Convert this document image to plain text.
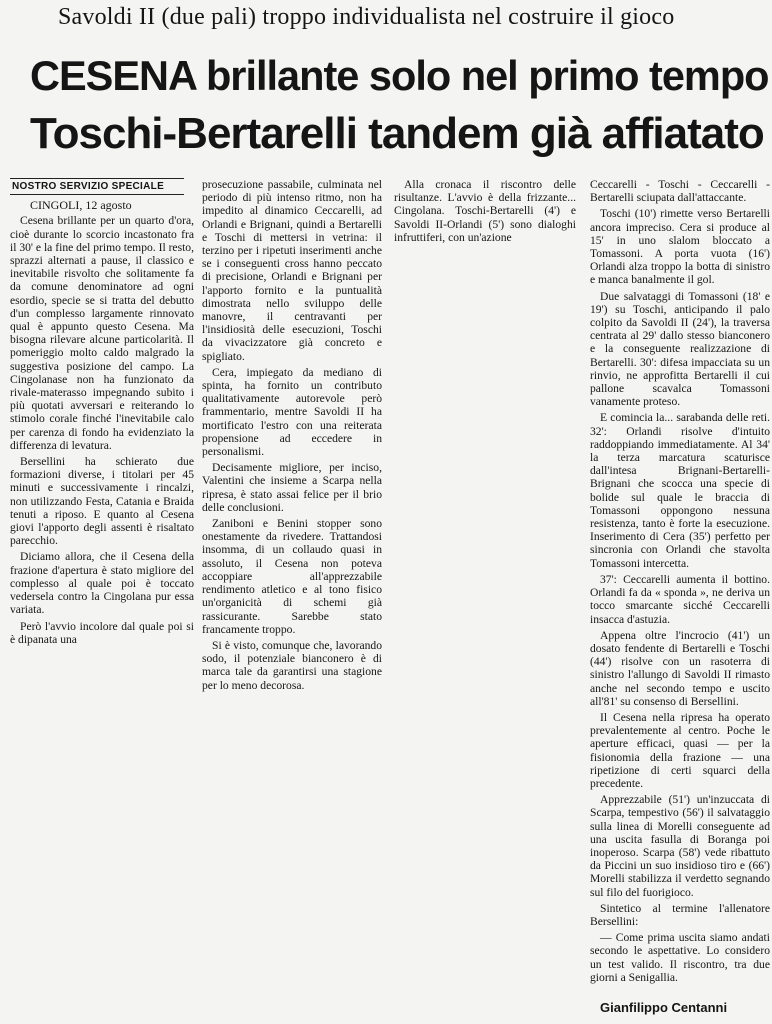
Savoldi II (due pali) troppo individualista nel costruire il gioco
CESENA brillante solo nel primo tempo
Toschi-Bertarelli tandem già affiatato
NOSTRO SERVIZIO SPECIALE
CINGOLI, 12 agosto

Cesena brillante per un quarto d'ora, cioè durante lo scorcio incastonato fra il 30' e la fine del primo tempo. Il resto, sprazzi alternati a pause, il classico e inevitabile risvolto che solitamente fa da comune denominatore ad ogni esordio, specie se si tratta del debutto d'un complesso largamente rinnovato qual è appunto questo Cesena. Ma bisogna rilevare alcune particolarità. Il pomeriggio molto caldo malgrado la suggestiva posizione del campo. La Cingolanase non ha funzionato da rivale-materasso impegnando subito i più quotati avversari e reiterando lo stimolo corale finché l'inevitabile calo per carenza di fondo ha evidenziato la differenza di levatura.

Bersellini ha schierato due formazioni diverse, i titolari per 45 minuti e successivamente i rincalzi, non utilizzando Festa, Catania e Braida tenuti a riposo. E quanto al Cesena giovi l'apporto degli assenti è risaltato parecchio.

Diciamo allora, che il Cesena della frazione d'apertura è stato migliore del complesso al quale poi è toccato vedersela contro la Cingolana pur essa variata.

Però l'avvio incolore dal quale poi si è dipanata una

prosecuzione passabile, culminata nel periodo di più intenso ritmo, non ha impedito al dinamico Ceccarelli, ad Orlandi e Brignani, quindi a Bertarelli e Toschi di mettersi in vetrina: il terzino per i ripetuti inserimenti anche se i conseguenti cross hanno peccato di precisione, Orlandi e Brignani per l'apporto fornito e la puntualità dimostrata nello sviluppo delle manovre, il centravanti per l'insidiosità delle esecuzioni, Toschi da vivacizzatore già concreto e spigliato.

Cera, impiegato da mediano di spinta, ha fornito un contributo qualitativamente autorevole però frammentario, mentre Savoldi II ha mortificato l'estro con una reiterata propensione ad eccedere in personalismi.

Decisamente migliore, per inciso, Valentini che insieme a Scarpa nella ripresa, è stato assai felice per il brio delle conclusioni.

Zaniboni e Benini stopper sono onestamente da rivedere. Trattandosi insomma, di un collaudo quasi in assoluto, il Cesena non poteva accoppiare all'apprezzabile rendimento atletico e al tono fisico un'organicità di schemi già rassicurante. Sarebbe stato francamente troppo.

Si è visto, comunque che, lavorando sodo, il potenziale bianconero è di marca tale da garantirsi una stagione per lo meno decorosa.

Alla cronaca il riscontro delle risultanze. L'avvio è della frizzante... Cingolana. Toschi-Bertarelli (4') e Savoldi II-Orlandi (5') sono dialoghi infruttiferi, con un'azione

Ceccarelli - Toschi - Ceccarelli - Bertarelli sciupata dall'attaccante.

Toschi (10') rimette verso Bertarelli ancora impreciso. Cera si produce al 15' in uno slalom bloccato a Tomassoni. A porta vuota (16') Orlandi alza troppo la botta di sinistro e manca banalmente il gol.

Due salvataggi di Tomassoni (18' e 19') su Toschi, anticipando il palo colpito da Savoldi II (24'), la traversa centrata al 29' dallo stesso bianconero e la conseguente realizzazione di Bertarelli. 30': difesa impacciata su un rinvio, ne approfitta Bertarelli il cui pallone scavalca Tomassoni vanamente proteso.

E comincia la... sarabanda delle reti. 32': Orlandi risolve d'intuito raddoppiando immediatamente. Al 34' la terza marcatura scaturisce dall'intesa Brignani-Bertarelli-Brignani che scocca una specie di bolide sul quale le braccia di Tomassoni oppongono nessuna resistenza, tanto è forte la esecuzione. Inserimento di Cera (35') perfetto per sincronia con Orlandi che stavolta Tomassoni intercetta.

37': Ceccarelli aumenta il bottino. Orlandi fa da « sponda », ne deriva un tocco smarcante sicché Ceccarelli insacca d'astuzia.

Appena oltre l'incrocio (41') un dosato fendente di Bertarelli e Toschi (44') risolve con un rasoterra di sinistro l'allungo di Savoldi II rimasto anche nel secondo tempo e uscito all'81' su consenso di Bersellini.

Il Cesena nella ripresa ha operato prevalentemente al centro. Poche le aperture efficaci, quasi — per la fisionomia della frazione — una ripetizione di certi squarci della precedente.

Apprezzabile (51') un'inzuccata di Scarpa, tempestivo (56') il salvataggio sulla linea di Morelli conseguente ad una uscita fasulla di Boranga poi inoperoso. Scarpa (58') vede ribattuto da Piccini un suo insidioso tiro e (66') Morelli stabilizza il verdetto segnando sul filo del fuorigioco.

Sintetico al termine l'allenatore Bersellini:

— Come prima uscita siamo andati secondo le aspettative. Lo considero un test valido. Il riscontro, tra due giorni a Senigallia.

Gianfilippo Centanni
